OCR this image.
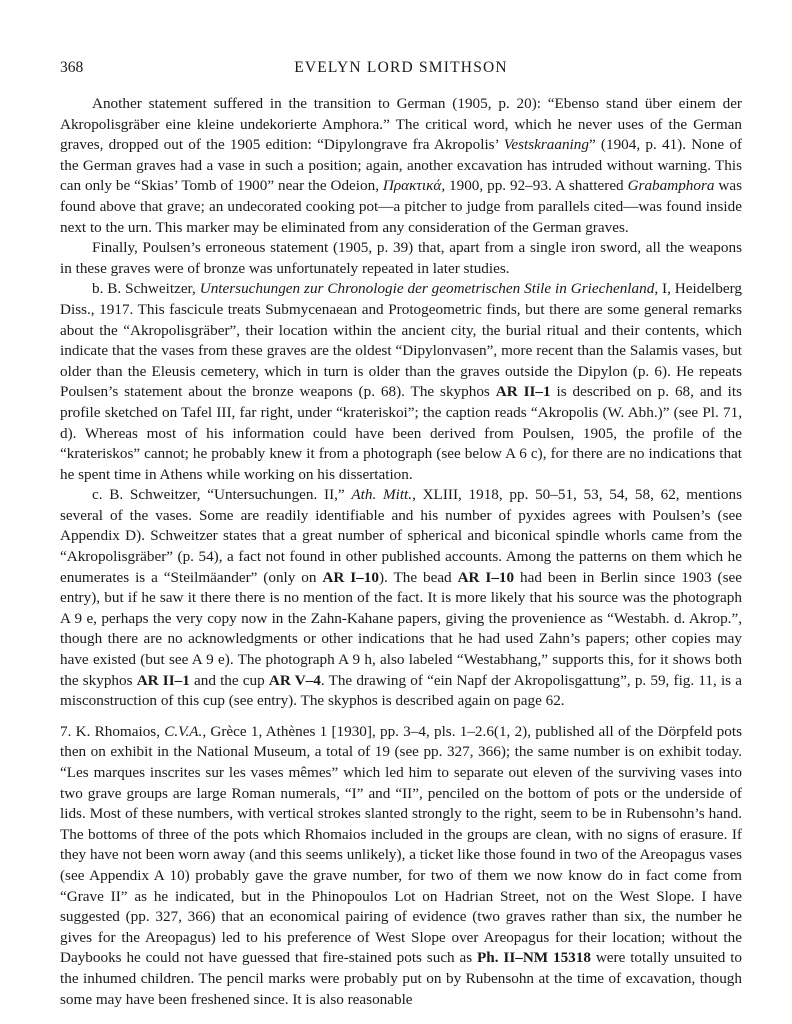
368	EVELYN LORD SMITHSON

Another statement suffered in the transition to German (1905, p. 20): “Ebenso stand über einem der Akropolisgräber eine kleine undekorierte Amphora.” The critical word, which he never uses of the German graves, dropped out of the 1905 edition: “Dipylongrave fra Akropolis’ Vestskraaning” (1904, p. 41). None of the German graves had a vase in such a position; again, another excavation has intruded without warning. This can only be “Skias’ Tomb of 1900” near the Odeion, Πρακτικά, 1900, pp. 92–93. A shattered Grabamphora was found above that grave; an undecorated cooking pot—a pitcher to judge from parallels cited—was found inside next to the urn. This marker may be eliminated from any consideration of the German graves.

Finally, Poulsen’s erroneous statement (1905, p. 39) that, apart from a single iron sword, all the weapons in these graves were of bronze was unfortunately repeated in later studies.

b. B. Schweitzer, Untersuchungen zur Chronologie der geometrischen Stile in Griechenland, I, Heidelberg Diss., 1917. This fascicule treats Submycenaean and Protogeometric finds, but there are some general remarks about the “Akropolisgräber”, their location within the ancient city, the burial ritual and their contents, which indicate that the vases from these graves are the oldest “Dipylonvasen”, more recent than the Salamis vases, but older than the Eleusis cemetery, which in turn is older than the graves outside the Dipylon (p. 6). He repeats Poulsen’s statement about the bronze weapons (p. 68). The skyphos AR II–1 is described on p. 68, and its profile sketched on Tafel III, far right, under “krateriskoi”; the caption reads “Akropolis (W. Abh.)” (see Pl. 71, d). Whereas most of his information could have been derived from Poulsen, 1905, the profile of the “krateriskos” cannot; he probably knew it from a photograph (see below A 6 c), for there are no indications that he spent time in Athens while working on his dissertation.

c. B. Schweitzer, “Untersuchungen. II,” Ath. Mitt., XLIII, 1918, pp. 50–51, 53, 54, 58, 62, mentions several of the vases. Some are readily identifiable and his number of pyxides agrees with Poulsen’s (see Appendix D). Schweitzer states that a great number of spherical and biconical spindle whorls came from the “Akropolisgräber” (p. 54), a fact not found in other published accounts. Among the patterns on them which he enumerates is a “Steilmäander” (only on AR I–10). The bead AR I–10 had been in Berlin since 1903 (see entry), but if he saw it there there is no mention of the fact. It is more likely that his source was the photograph A 9 e, perhaps the very copy now in the Zahn-Kahane papers, giving the provenience as “Westabh. d. Akrop.”, though there are no acknowledgments or other indications that he had used Zahn’s papers; other copies may have existed (but see A 9 e). The photograph A 9 h, also labeled “Westabhang,” supports this, for it shows both the skyphos AR II–1 and the cup AR V–4. The drawing of “ein Napf der Akropolisgattung”, p. 59, fig. 11, is a misconstruction of this cup (see entry). The skyphos is described again on page 62.

7. K. Rhomaios, C.V.A., Grèce 1, Athènes 1 [1930], pp. 3–4, pls. 1–2.6(1, 2), published all of the Dörpfeld pots then on exhibit in the National Museum, a total of 19 (see pp. 327, 366); the same number is on exhibit today. “Les marques inscrites sur les vases mêmes” which led him to separate out eleven of the surviving vases into two grave groups are large Roman numerals, “I” and “II”, penciled on the bottom of pots or the underside of lids. Most of these numbers, with vertical strokes slanted strongly to the right, seem to be in Rubensohn’s hand. The bottoms of three of the pots which Rhomaios included in the groups are clean, with no signs of erasure. If they have not been worn away (and this seems unlikely), a ticket like those found in two of the Areopagus vases (see Appendix A 10) probably gave the grave number, for two of them we now know do in fact come from “Grave II” as he indicated, but in the Phinopoulos Lot on Hadrian Street, not on the West Slope. I have suggested (pp. 327, 366) that an economical pairing of evidence (two graves rather than six, the number he gives for the Areopagus) led to his preference of West Slope over Areopagus for their location; without the Daybooks he could not have guessed that fire-stained pots such as Ph. II–NM 15318 were totally unsuited to the inhumed children. The pencil marks were probably put on by Rubensohn at the time of excavation, though some may have been freshened since. It is also reasonable
